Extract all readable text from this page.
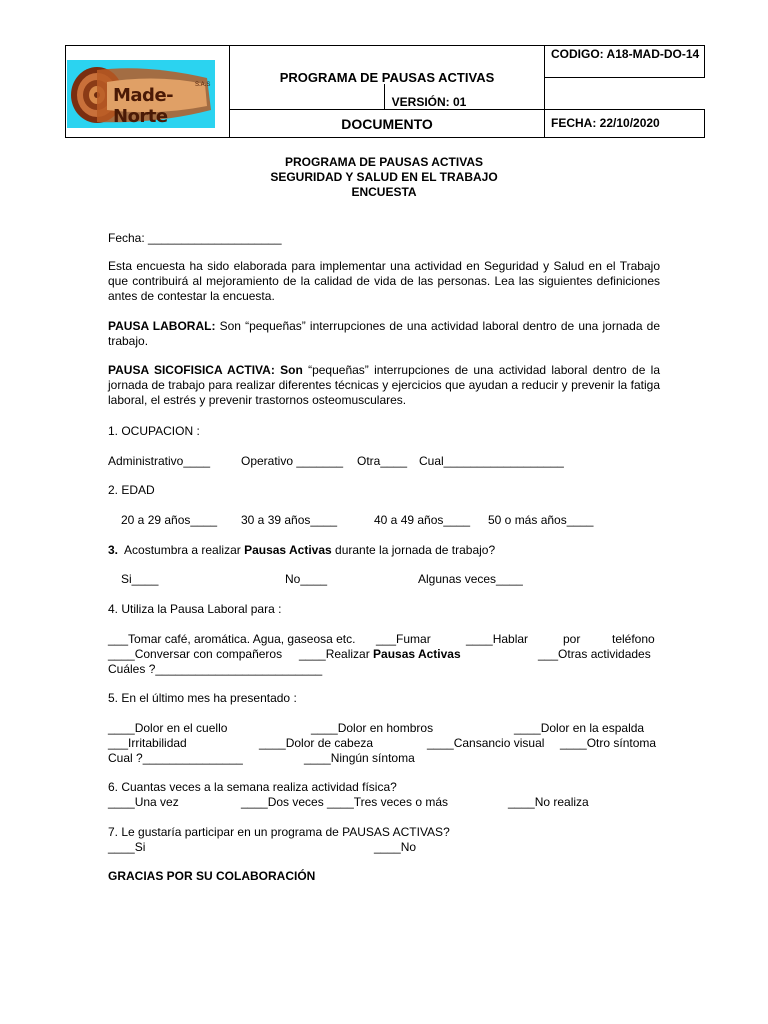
Made-Norte
S.A.S	PROGRAMA DE PAUSAS ACTIVAS
VERSIÓN: 01
DOCUMENTO
CODIGO: A18-MAD-DO-14
FECHA: 22/10/2020
PROGRAMA DE PAUSAS ACTIVAS
SEGURIDAD Y SALUD EN EL TRABAJO
ENCUESTA
Fecha: ____________________
Esta encuesta ha sido elaborada para implementar una actividad en Seguridad y Salud en el Trabajo que contribuirá al mejoramiento de la calidad de vida de las personas. Lea las siguientes definiciones antes de contestar la encuesta.
PAUSA LABORAL: Son “pequeñas” interrupciones de una actividad laboral dentro de una jornada de trabajo.
PAUSA SICOFISICA ACTIVA: Son “pequeñas” interrupciones de una actividad laboral dentro de la jornada de trabajo para realizar diferentes técnicas y ejercicios que ayudan a reducir y prevenir la fatiga laboral, el estrés y prevenir trastornos osteomusculares.
1. OCUPACION :
Administrativo____	Operativo _______ Otra____ Cual__________________
2. EDAD
20 a 29 años____ 30 a 39 años____	40 a 49 años____ 50 o más años____
3.  Acostumbra a realizar Pausas Activas durante la jornada de trabajo?
Si____	No____	Algunas veces____
4. Utiliza la Pausa Laboral para :
___Tomar café, aromática. Agua, gaseosa etc. ___Fumar	____Hablar	por	teléfono
____Conversar con compañeros ____Realizar Pausas Activas	___Otras actividades
Cuáles ?_________________________
5. En el último mes ha presentado :
____Dolor en el cuello	____Dolor en hombros	____Dolor en la espalda
___Irritabilidad	____Dolor de cabeza	____Cansancio visual ____Otro síntoma
Cual ?_______________	____Ningún síntoma
6. Cuantas veces a la semana realiza actividad física?
____Una vez	____Dos veces ____Tres veces o más	____No realiza
7. Le gustaría participar en un programa de PAUSAS ACTIVAS?
____Si	____No
GRACIAS POR SU COLABORACIÓN
